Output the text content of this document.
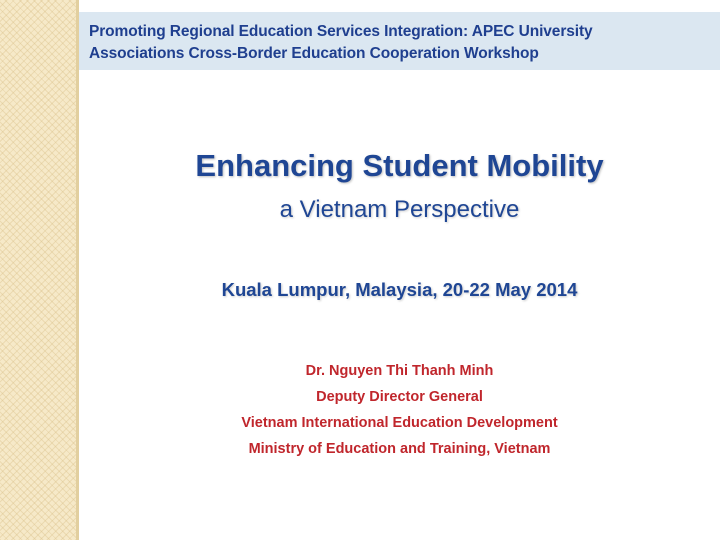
Promoting Regional Education Services Integration: APEC University
Associations Cross-Border Education Cooperation Workshop
Enhancing Student Mobility
a Vietnam Perspective
Kuala Lumpur, Malaysia, 20-22 May 2014
Dr. Nguyen Thi Thanh Minh
Deputy Director General
Vietnam International Education Development
Ministry of Education and Training, Vietnam
